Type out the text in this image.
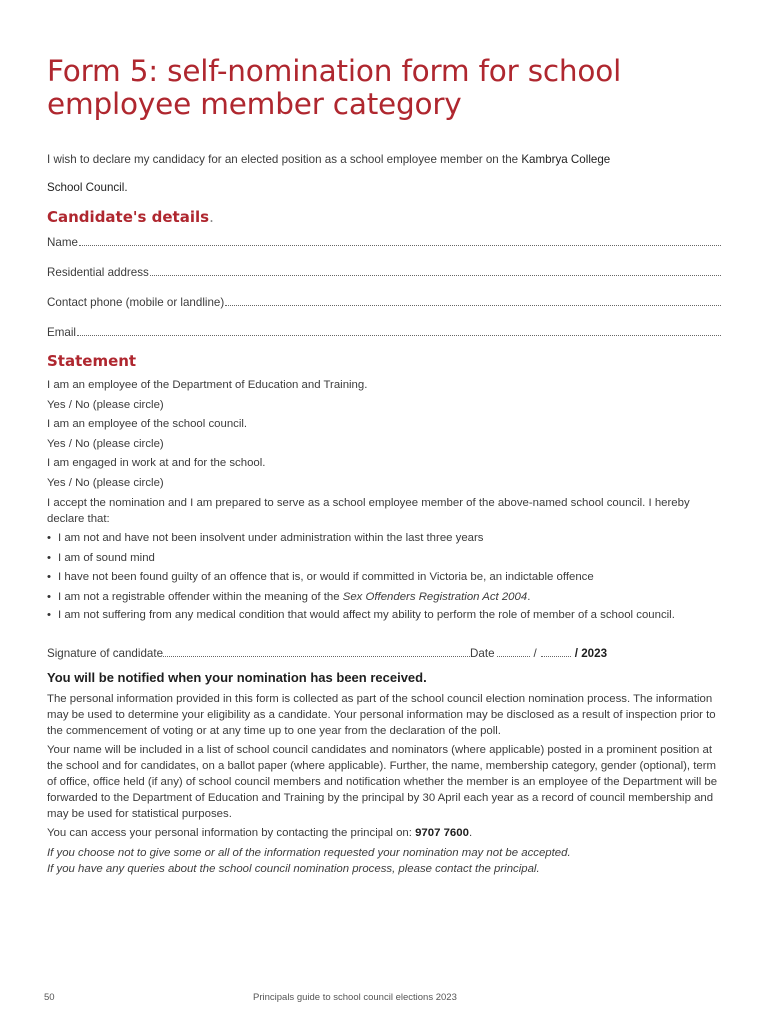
Form 5: self-nomination form for school employee member category
I wish to declare my candidacy for an elected position as a school employee member on the Kambrya College
School Council.
Candidate's details.
Name
Residential address
Contact phone (mobile or landline)
Email
Statement

I am an employee of the Department of Education and Training.

Yes / No (please circle)

I am an employee of the school council.

Yes / No (please circle)

I am engaged in work at and for the school.

Yes / No (please circle)

I accept the nomination and I am prepared to serve as a school employee member of the above-named school council. I hereby declare that:

• I am not and have not been insolvent under administration within the last three years
• I am of sound mind
• I have not been found guilty of an offence that is, or would if committed in Victoria be, an indictable offence
• I am not a registrable offender within the meaning of the Sex Offenders Registration Act 2004.
• I am not suffering from any medical condition that would affect my ability to perform the role of member of a school council.
Signature of candidate	Date	/	/ 2023
You will be notified when your nomination has been received.

The personal information provided in this form is collected as part of the school council election nomination process. The information may be used to determine your eligibility as a candidate. Your personal information may be disclosed as a result of inspection prior to the commencement of voting or at any time up to one year from the declaration of the poll.

Your name will be included in a list of school council candidates and nominators (where applicable) posted in a prominent position at the school and for candidates, on a ballot paper (where applicable). Further, the name, membership category, gender (optional), term of office, office held (if any) of school council members and notification whether the member is an employee of the Department will be forwarded to the Department of Education and Training by the principal by 30 April each year as a record of council membership and may be used for statistical purposes.

You can access your personal information by contacting the principal on: 9707 7600.

If you choose not to give some or all of the information requested your nomination may not be accepted.

If you have any queries about the school council nomination process, please contact the principal.

50	Principals guide to school council elections 2023
